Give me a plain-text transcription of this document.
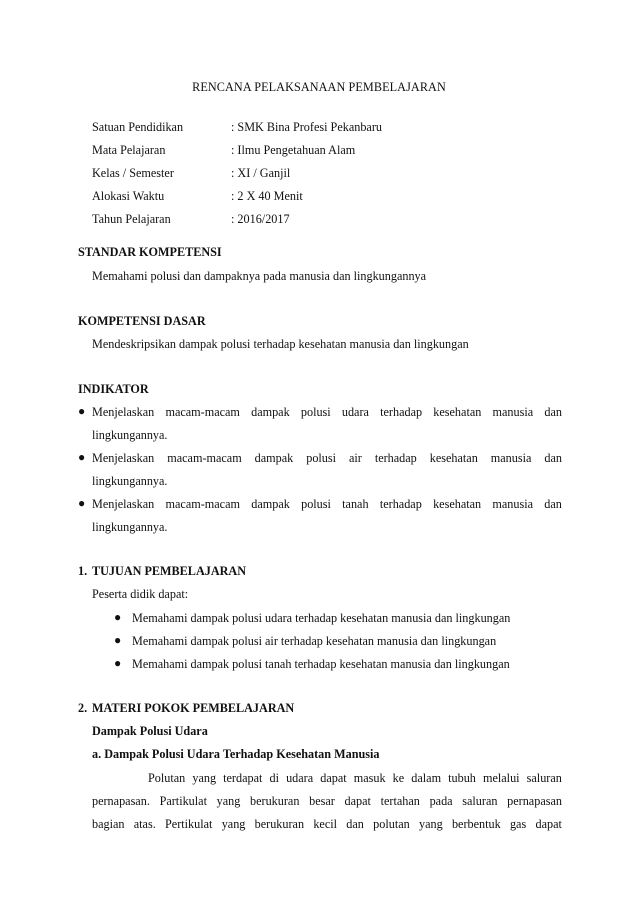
RENCANA PELAKSANAAN PEMBELAJARAN
Satuan Pendidikan	: SMK Bina Profesi Pekanbaru
Mata Pelajaran	: Ilmu Pengetahuan Alam
Kelas / Semester	: XI / Ganjil
Alokasi Waktu	: 2 X 40 Menit
Tahun Pelajaran	: 2016/2017
STANDAR KOMPETENSI
Memahami polusi dan dampaknya pada manusia dan lingkungannya
KOMPETENSI DASAR
Mendeskripsikan dampak polusi terhadap kesehatan manusia dan lingkungan
INDIKATOR
● Menjelaskan macam-macam dampak polusi udara terhadap kesehatan manusia dan
lingkungannya.
● Menjelaskan macam-macam dampak polusi air terhadap kesehatan manusia dan
lingkungannya.
● Menjelaskan macam-macam dampak polusi tanah terhadap kesehatan manusia dan
lingkungannya.
1. TUJUAN PEMBELAJARAN
Peserta didik dapat:
● Memahami dampak polusi udara terhadap kesehatan manusia dan lingkungan
● Memahami dampak polusi air terhadap kesehatan manusia dan lingkungan
● Memahami dampak polusi tanah terhadap kesehatan manusia dan lingkungan
2. MATERI POKOK PEMBELAJARAN
Dampak Polusi Udara
a. Dampak Polusi Udara Terhadap Kesehatan Manusia
Polutan yang terdapat di udara dapat masuk ke dalam tubuh melalui saluran
pernapasan. Partikulat yang berukuran besar dapat tertahan pada saluran pernapasan
bagian atas. Pertikulat yang berukuran kecil dan polutan yang berbentuk gas dapat
